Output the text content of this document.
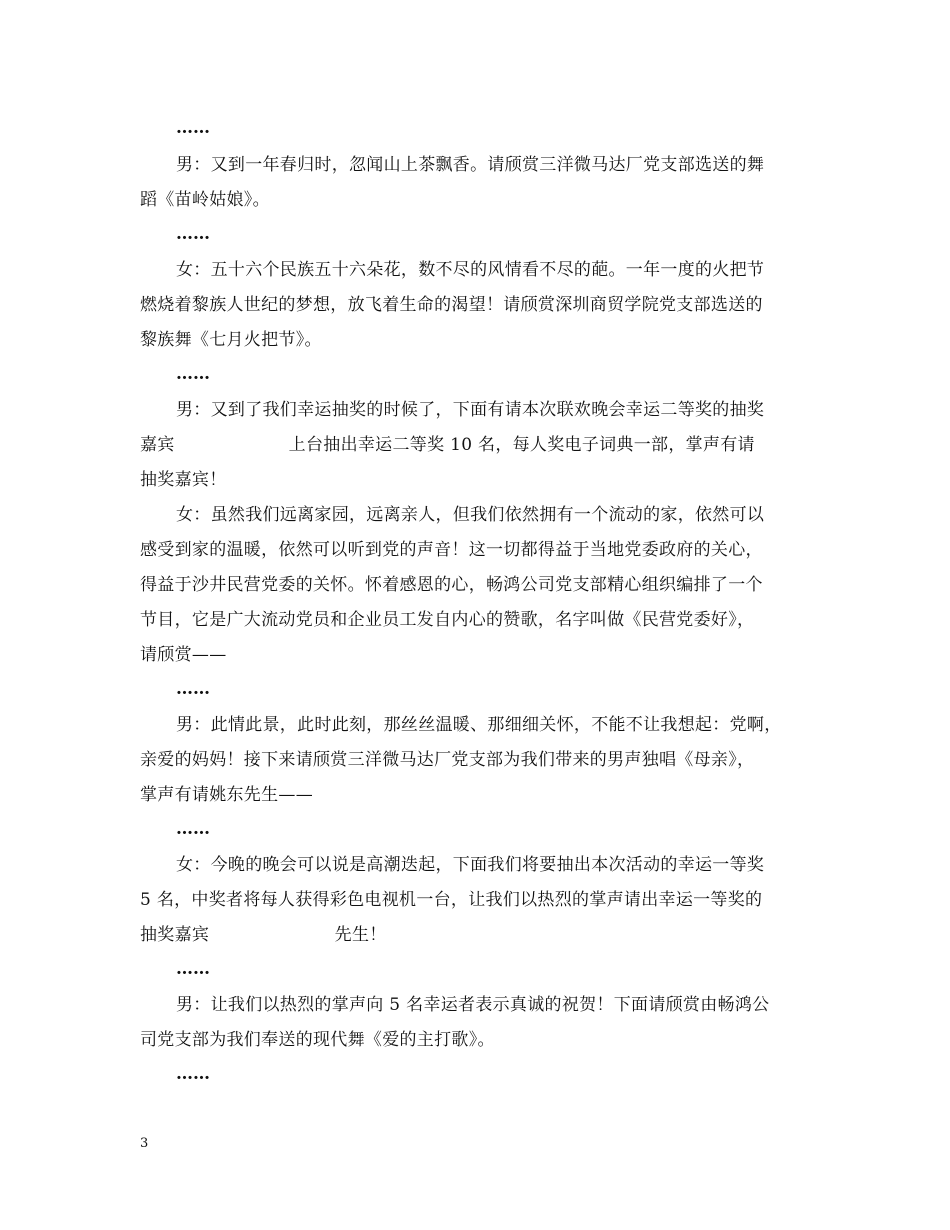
……
男：又到一年春归时，忽闻山上茶飘香。请颀赏三洋微马达厂党支部选送的舞
蹈《苗岭姑娘》。
……
女：五十六个民族五十六朵花，数不尽的风情看不尽的葩。一年一度的火把节
燃烧着黎族人世纪的梦想，放飞着生命的渴望！请颀赏深圳商贸学院党支部选送的
黎族舞《七月火把节》。
……
男：又到了我们幸运抽奖的时候了，下面有请本次联欢晚会幸运二等奖的抽奖
嘉宾                    上台抽出幸运二等奖 10 名，每人奖电子词典一部，掌声有请
抽奖嘉宾！
女：虽然我们远离家园，远离亲人，但我们依然拥有一个流动的家，依然可以
感受到家的温暖，依然可以听到党的声音！这一切都得益于当地党委政府的关心，
得益于沙井民营党委的关怀。怀着感恩的心，畅鸿公司党支部精心组织编排了一个
节目，它是广大流动党员和企业员工发自内心的赞歌，名字叫做《民营党委好》，
请颀赏——
……
男：此情此景，此时此刻，那丝丝温暖、那细细关怀，不能不让我想起：党啊，
亲爱的妈妈！接下来请颀赏三洋微马达厂党支部为我们带来的男声独唱《母亲》，
掌声有请姚东先生——
……
女：今晚的晚会可以说是高潮迭起，下面我们将要抽出本次活动的幸运一等奖
5 名，中奖者将每人获得彩色电视机一台，让我们以热烈的掌声请出幸运一等奖的
抽奖嘉宾                      先生！
……
男：让我们以热烈的掌声向 5 名幸运者表示真诚的祝贺！下面请颀赏由畅鸿公
司党支部为我们奉送的现代舞《爱的主打歌》。
……
3
